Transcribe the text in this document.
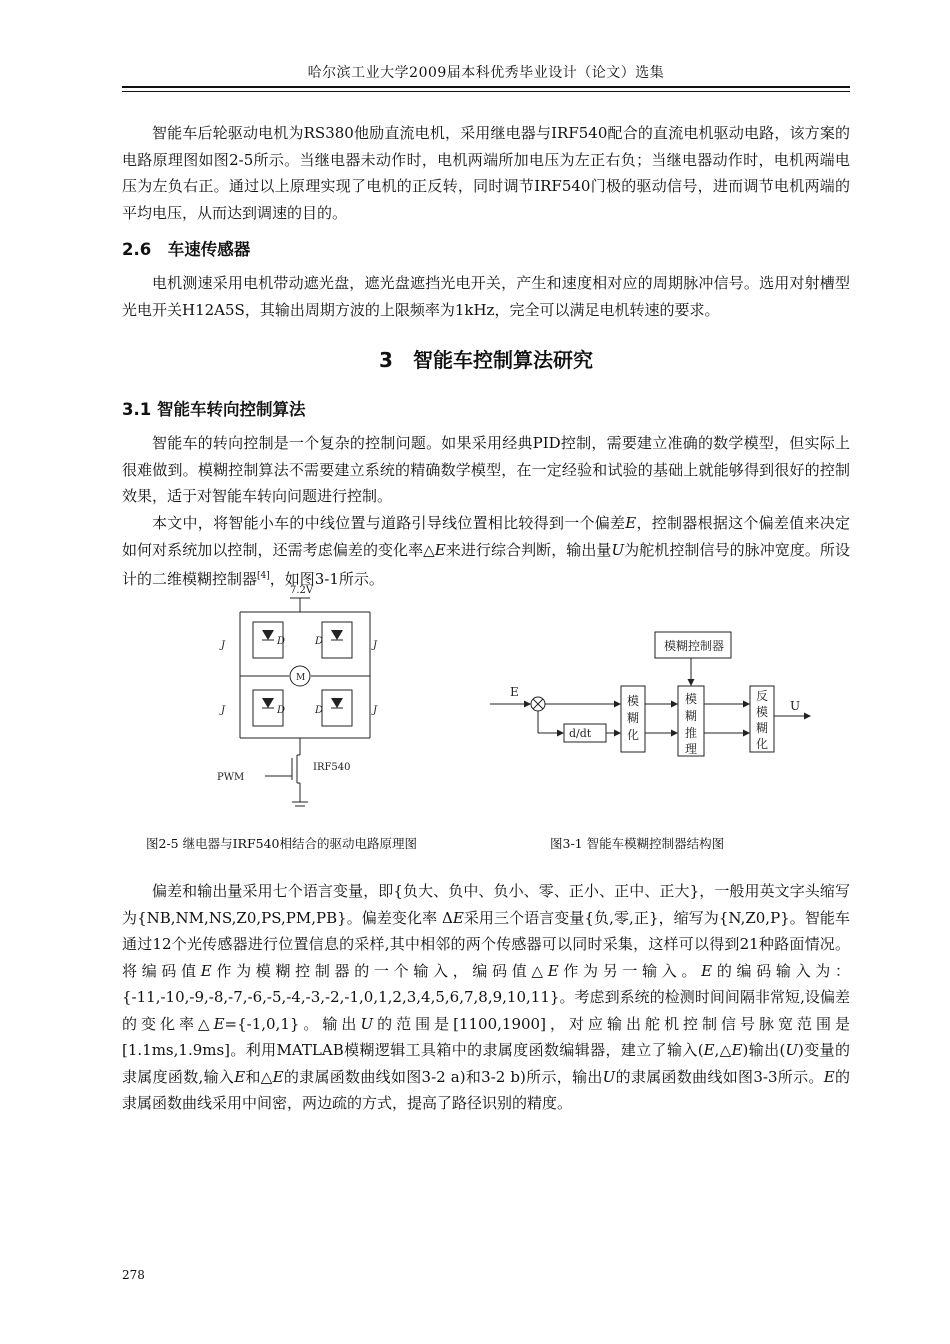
哈尔滨工业大学2009届本科优秀毕业设计（论文）选集

智能车后轮驱动电机为RS380他励直流电机，采用继电器与IRF540配合的直流电机驱动电路，该方案的电路原理图如图2-5所示。当继电器未动作时，电机两端所加电压为左正右负；当继电器动作时，电机两端电压为左负右正。通过以上原理实现了电机的正反转，同时调节IRF540门极的驱动信号，进而调节电机两端的平均电压，从而达到调速的目的。

2.6　车速传感器

电机测速采用电机带动遮光盘，遮光盘遮挡光电开关，产生和速度相对应的周期脉冲信号。选用对射槽型光电开关H12A5S，其输出周期方波的上限频率为1kHz，完全可以满足电机转速的要求。

3　智能车控制算法研究
3.1 智能车转向控制算法

智能车的转向控制是一个复杂的控制问题。如果采用经典PID控制，需要建立准确的数学模型，但实际上很难做到。模糊控制算法不需要建立系统的精确数学模型，在一定经验和试验的基础上就能够得到很好的控制效果，适于对智能车转向问题进行控制。

本文中，将智能小车的中线位置与道路引导线位置相比较得到一个偏差E，控制器根据这个偏差值来决定如何对系统加以控制，还需考虑偏差的变化率△E来进行综合判断，输出量U为舵机控制信号的脉冲宽度。所设计的二维模糊控制器[4]，如图3-1所示。

7.2V
J	J
J	J
D	D
D	D
M
IRF540
PWM
E
模糊控制器
模
糊
化
模
糊
推
理
反
模
糊
化
d/dt
U
图2-5 继电器与IRF540相结合的驱动电路原理图	图3-1 智能车模糊控制器结构图

偏差和输出量采用七个语言变量，即{负大、负中、负小、零、正小、正中、正大}，一般用英文字头缩写为{NB,NM,NS,Z0,PS,PM,PB}。偏差变化率 ΔE采用三个语言变量{负,零,正}，缩写为{N,Z0,P}。智能车通过12个光传感器进行位置信息的采样,其中相邻的两个传感器可以同时采集，这样可以得到21种路面情况。将编码值E作为模糊控制器的一个输入，编码值△E作为另一输入。E的编码输入为：{-11,-10,-9,-8,-7,-6,-5,-4,-3,-2,-1,0,1,2,3,4,5,6,7,8,9,10,11}。考虑到系统的检测时间间隔非常短,设偏差的变化率△E={-1,0,1}。输出U的范围是[1100,1900]，对应输出舵机控制信号脉宽范围是[1.1ms,1.9ms]。利用MATLAB模糊逻辑工具箱中的隶属度函数编辑器，建立了输入(E,△E)输出(U)变量的隶属度函数,输入E和△E的隶属函数曲线如图3-2 a)和3-2 b)所示，输出U的隶属函数曲线如图3-3所示。E的隶属函数曲线采用中间密，两边疏的方式，提高了路径识别的精度。

278
